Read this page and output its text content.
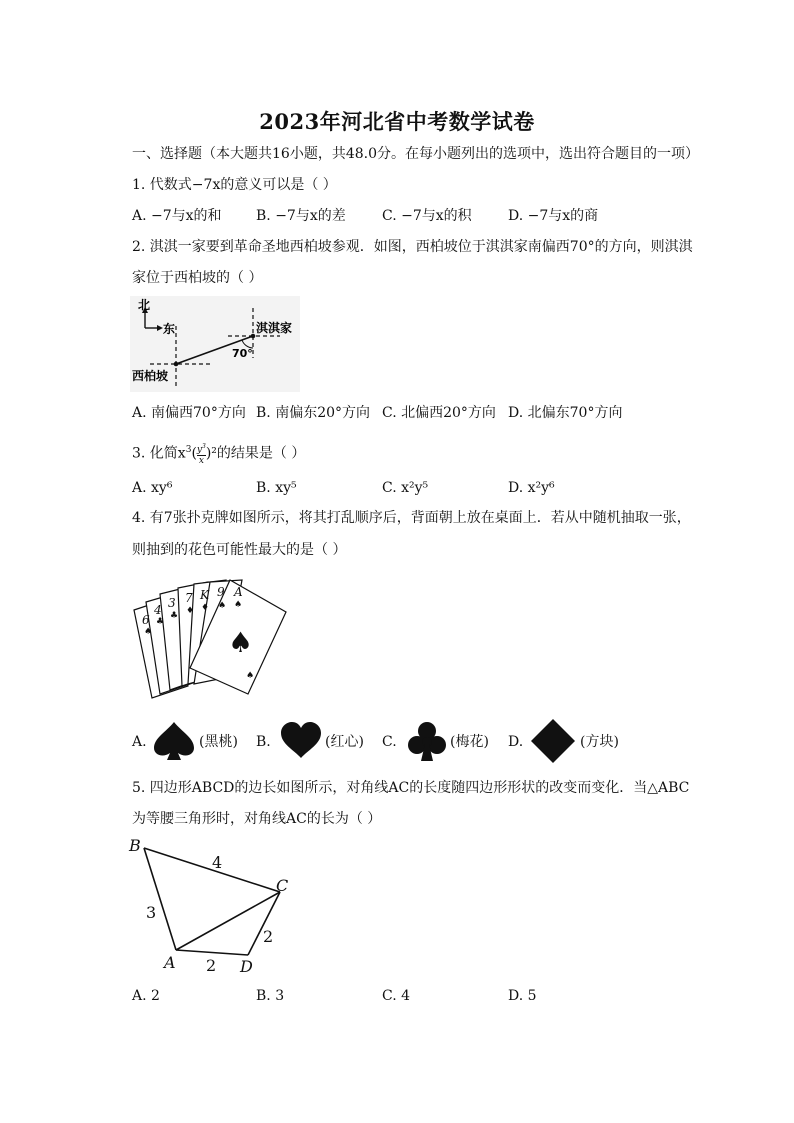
2023年河北省中考数学试卷
一、选择题（本大题共16小题，共48.0分。在每小题列出的选项中，选出符合题目的一项）
1. 代数式−7x的意义可以是（ ）
A. −7与x的和 B. −7与x的差	C. −7与x的积	D. −7与x的商
2. 淇淇一家要到革命圣地西柏坡参观．如图，西柏坡位于淇淇家南偏西70°的方向，则淇淇
家位于西柏坡的（ ）
北
东	淇淇家
70°
西柏坡
A. 南偏西70°方向 B. 南偏东20°方向 C. 北偏西20°方向 D. 北偏东70°方向
3. 化简$x^3( \frac{y^3}{x} )^2$的结果是（ ）
A. xy⁶	B. xy⁵	C. x²y⁵	D. x²y⁶
4. 有7张扑克牌如图所示，将其打乱顺序后，背面朝上放在桌面上．若从中随机抽取一张，
则抽到的花色可能性最大的是（ ）
6
4 3 7 K 9 A
♠
♣
♣ ♦ ♦ ♠ ♠
♠
♠
A.	(黑桃) B.	(红心) C.	(梅花) D.	(方块)
5. 四边形ABCD的边长如图所示，对角线AC的长度随四边形形状的改变而变化．当△ABC
为等腰三角形时，对角线AC的长为（ ）
B
C
A	D
4
3
2
2
A. 2	B. 3	C. 4	D. 5
